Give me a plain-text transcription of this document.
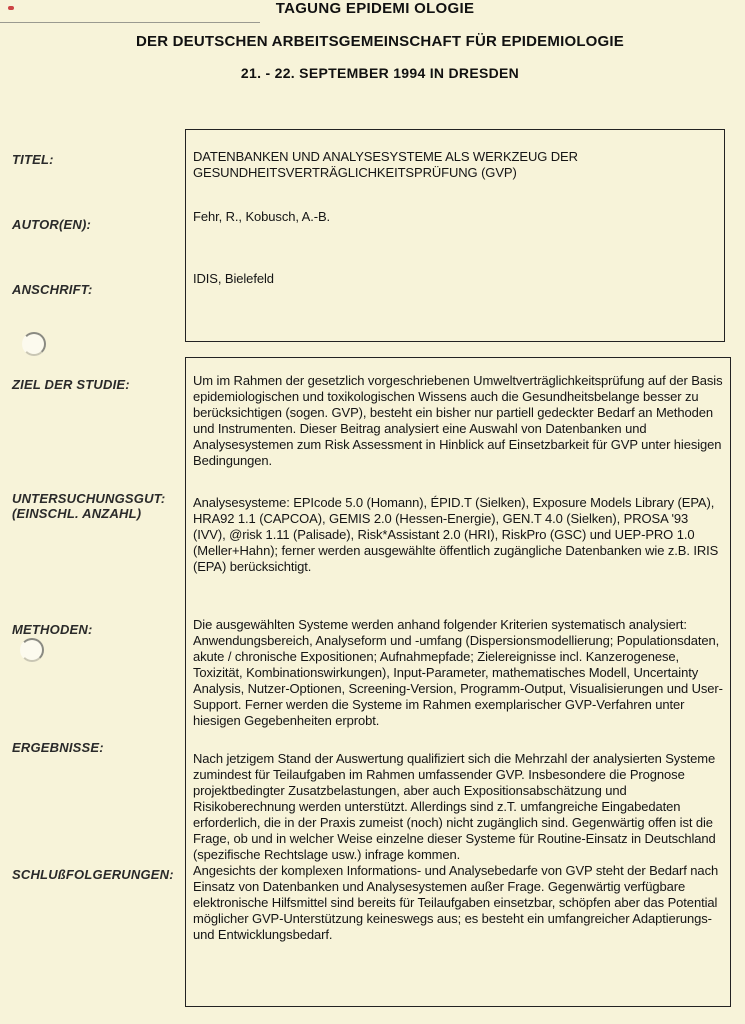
TAGUNG EPIDEMI OLOGIE
DER DEUTSCHEN ARBEITSGEMEINSCHAFT FÜR EPIDEMIOLOGIE
21. - 22. SEPTEMBER 1994 IN DRESDEN
TITEL:
AUTOR(EN):
ANSCHRIFT:
DATENBANKEN UND ANALYSESYSTEME ALS WERKZEUG DER GESUNDHEITSVERTRÄGLICHKEITSPRÜFUNG (GVP)
Fehr, R., Kobusch, A.-B.
IDIS, Bielefeld
ZIEL DER STUDIE:
UNTERSUCHUNGSGUT:
(EINSCHL. ANZAHL)
METHODEN:
ERGEBNISSE:
SCHLUßFOLGERUNGEN:
Um im Rahmen der gesetzlich vorgeschriebenen Umweltverträglichkeitsprüfung auf der Basis epidemiologischen und toxikologischen Wissens auch die Gesundheitsbelange besser zu berücksichtigen (sogen. GVP), besteht ein bisher nur partiell gedeckter Bedarf an Methoden und Instrumenten. Dieser Beitrag analysiert eine Auswahl von Datenbanken und Analysesystemen zum Risk Assessment in Hinblick auf Einsetzbarkeit für GVP unter hiesigen Bedingungen.
Analysesysteme: EPIcode 5.0 (Homann), ÉPID.T (Sielken), Exposure Models Library (EPA), HRA92 1.1 (CAPCOA), GEMIS 2.0 (Hessen-Energie), GEN.T 4.0 (Sielken), PROSA '93 (IVV), @risk 1.11 (Palisade), Risk*Assistant 2.0 (HRI), RiskPro (GSC) und UEP-PRO 1.0 (Meller+Hahn); ferner werden ausgewählte öffentlich zugängliche Datenbanken wie z.B. IRIS (EPA) berücksichtigt.
Die ausgewählten Systeme werden anhand folgender Kriterien systematisch analysiert: Anwendungsbereich, Analyseform und -umfang (Dispersionsmodellierung; Populationsdaten, akute / chronische Expositionen; Aufnahmepfade; Zielereignisse incl. Kanzerogenese, Toxizität, Kombinationswirkungen), Input-Parameter, mathematisches Modell, Uncertainty Analysis, Nutzer-Optionen, Screening-Version, Programm-Output, Visualisierungen und User-Support. Ferner werden die Systeme im Rahmen exemplarischer GVP-Verfahren unter hiesigen Gegebenheiten erprobt.
Nach jetzigem Stand der Auswertung qualifiziert sich die Mehrzahl der analysierten Systeme zumindest für Teilaufgaben im Rahmen umfassender GVP. Insbesondere die Prognose projektbedingter Zusatzbelastungen, aber auch Expositionsabschätzung und Risikoberechnung werden unterstützt. Allerdings sind z.T. umfangreiche Eingabedaten erforderlich, die in der Praxis zumeist (noch) nicht zugänglich sind. Gegenwärtig offen ist die Frage, ob und in welcher Weise einzelne dieser Systeme für Routine-Einsatz in Deutschland (spezifische Rechtslage usw.) infrage kommen.
Angesichts der komplexen Informations- und Analysebedarfe von GVP steht der Bedarf nach Einsatz von Datenbanken und Analysesystemen außer Frage. Gegenwärtig verfügbare elektronische Hilfsmittel sind bereits für Teilaufgaben einsetzbar, schöpfen aber das Potential möglicher GVP-Unterstützung keineswegs aus; es besteht ein umfangreicher Adaptierungs- und Entwicklungsbedarf.
